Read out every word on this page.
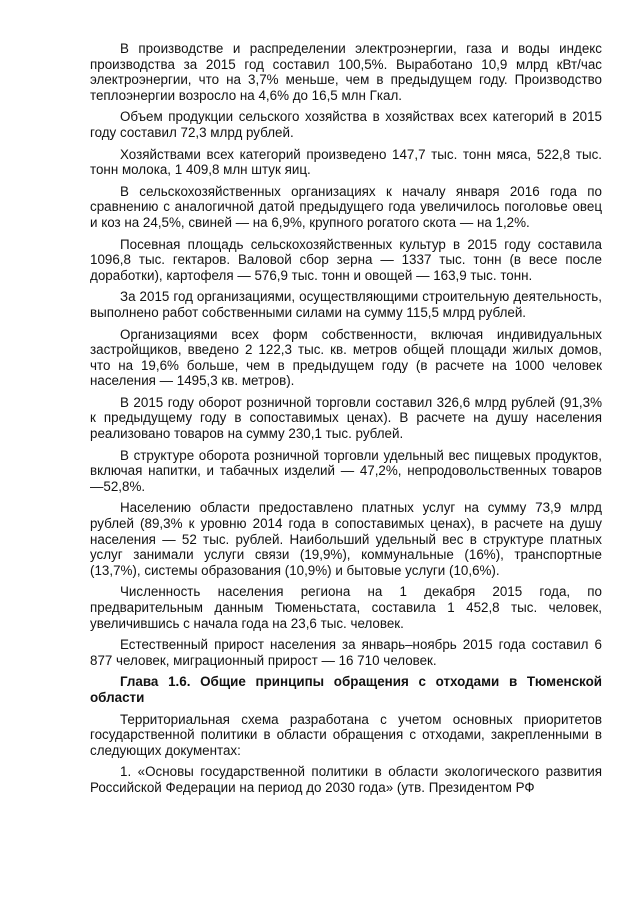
В производстве и распределении электроэнергии, газа и воды индекс производства за 2015 год составил 100,5%. Выработано 10,9 млрд кВт/час электроэнергии, что на 3,7% меньше, чем в предыдущем году. Производство теплоэнергии возросло на 4,6% до 16,5 млн Гкал.

Объем продукции сельского хозяйства в хозяйствах всех категорий в 2015 году составил 72,3 млрд рублей.

Хозяйствами всех категорий произведено 147,7 тыс. тонн мяса, 522,8 тыс. тонн молока, 1 409,8 млн штук яиц.

В сельскохозяйственных организациях к началу января 2016 года по сравнению с аналогичной датой предыдущего года увеличилось поголовье овец и коз на 24,5%, свиней — на 6,9%, крупного рогатого скота — на 1,2%.

Посевная площадь сельскохозяйственных культур в 2015 году составила 1096,8 тыс. гектаров. Валовой сбор зерна — 1337 тыс. тонн (в весе после доработки), картофеля — 576,9 тыс. тонн и овощей — 163,9 тыс. тонн.

За 2015 год организациями, осуществляющими строительную деятельность, выполнено работ собственными силами на сумму 115,5 млрд рублей.

Организациями всех форм собственности, включая индивидуальных застройщиков, введено 2 122,3 тыс. кв. метров общей площади жилых домов, что на 19,6% больше, чем в предыдущем году (в расчете на 1000 человек населения — 1495,3 кв. метров).

В 2015 году оборот розничной торговли составил 326,6 млрд рублей (91,3% к предыдущему году в сопоставимых ценах). В расчете на душу населения реализовано товаров на сумму 230,1 тыс. рублей.

В структуре оборота розничной торговли удельный вес пищевых продуктов, включая напитки, и табачных изделий — 47,2%, непродовольственных товаров —52,8%.

Населению области предоставлено платных услуг на сумму 73,9 млрд рублей (89,3% к уровню 2014 года в сопоставимых ценах), в расчете на душу населения — 52 тыс. рублей. Наибольший удельный вес в структуре платных услуг занимали услуги связи (19,9%), коммунальные (16%), транспортные (13,7%), системы образования (10,9%) и бытовые услуги (10,6%).

Численность населения региона на 1 декабря 2015 года, по предварительным данным Тюменьстата, составила 1 452,8 тыс. человек, увеличившись с начала года на 23,6 тыс. человек.

Естественный прирост населения за январь–ноябрь 2015 года составил 6 877 человек, миграционный прирост — 16 710 человек.

Глава 1.6. Общие принципы обращения с отходами в Тюменской области

Территориальная схема разработана с учетом основных приоритетов государственной политики в области обращения с отходами, закрепленными в следующих документах:

1. «Основы государственной политики в области экологического развития Российской Федерации на период до 2030 года» (утв. Президентом РФ
